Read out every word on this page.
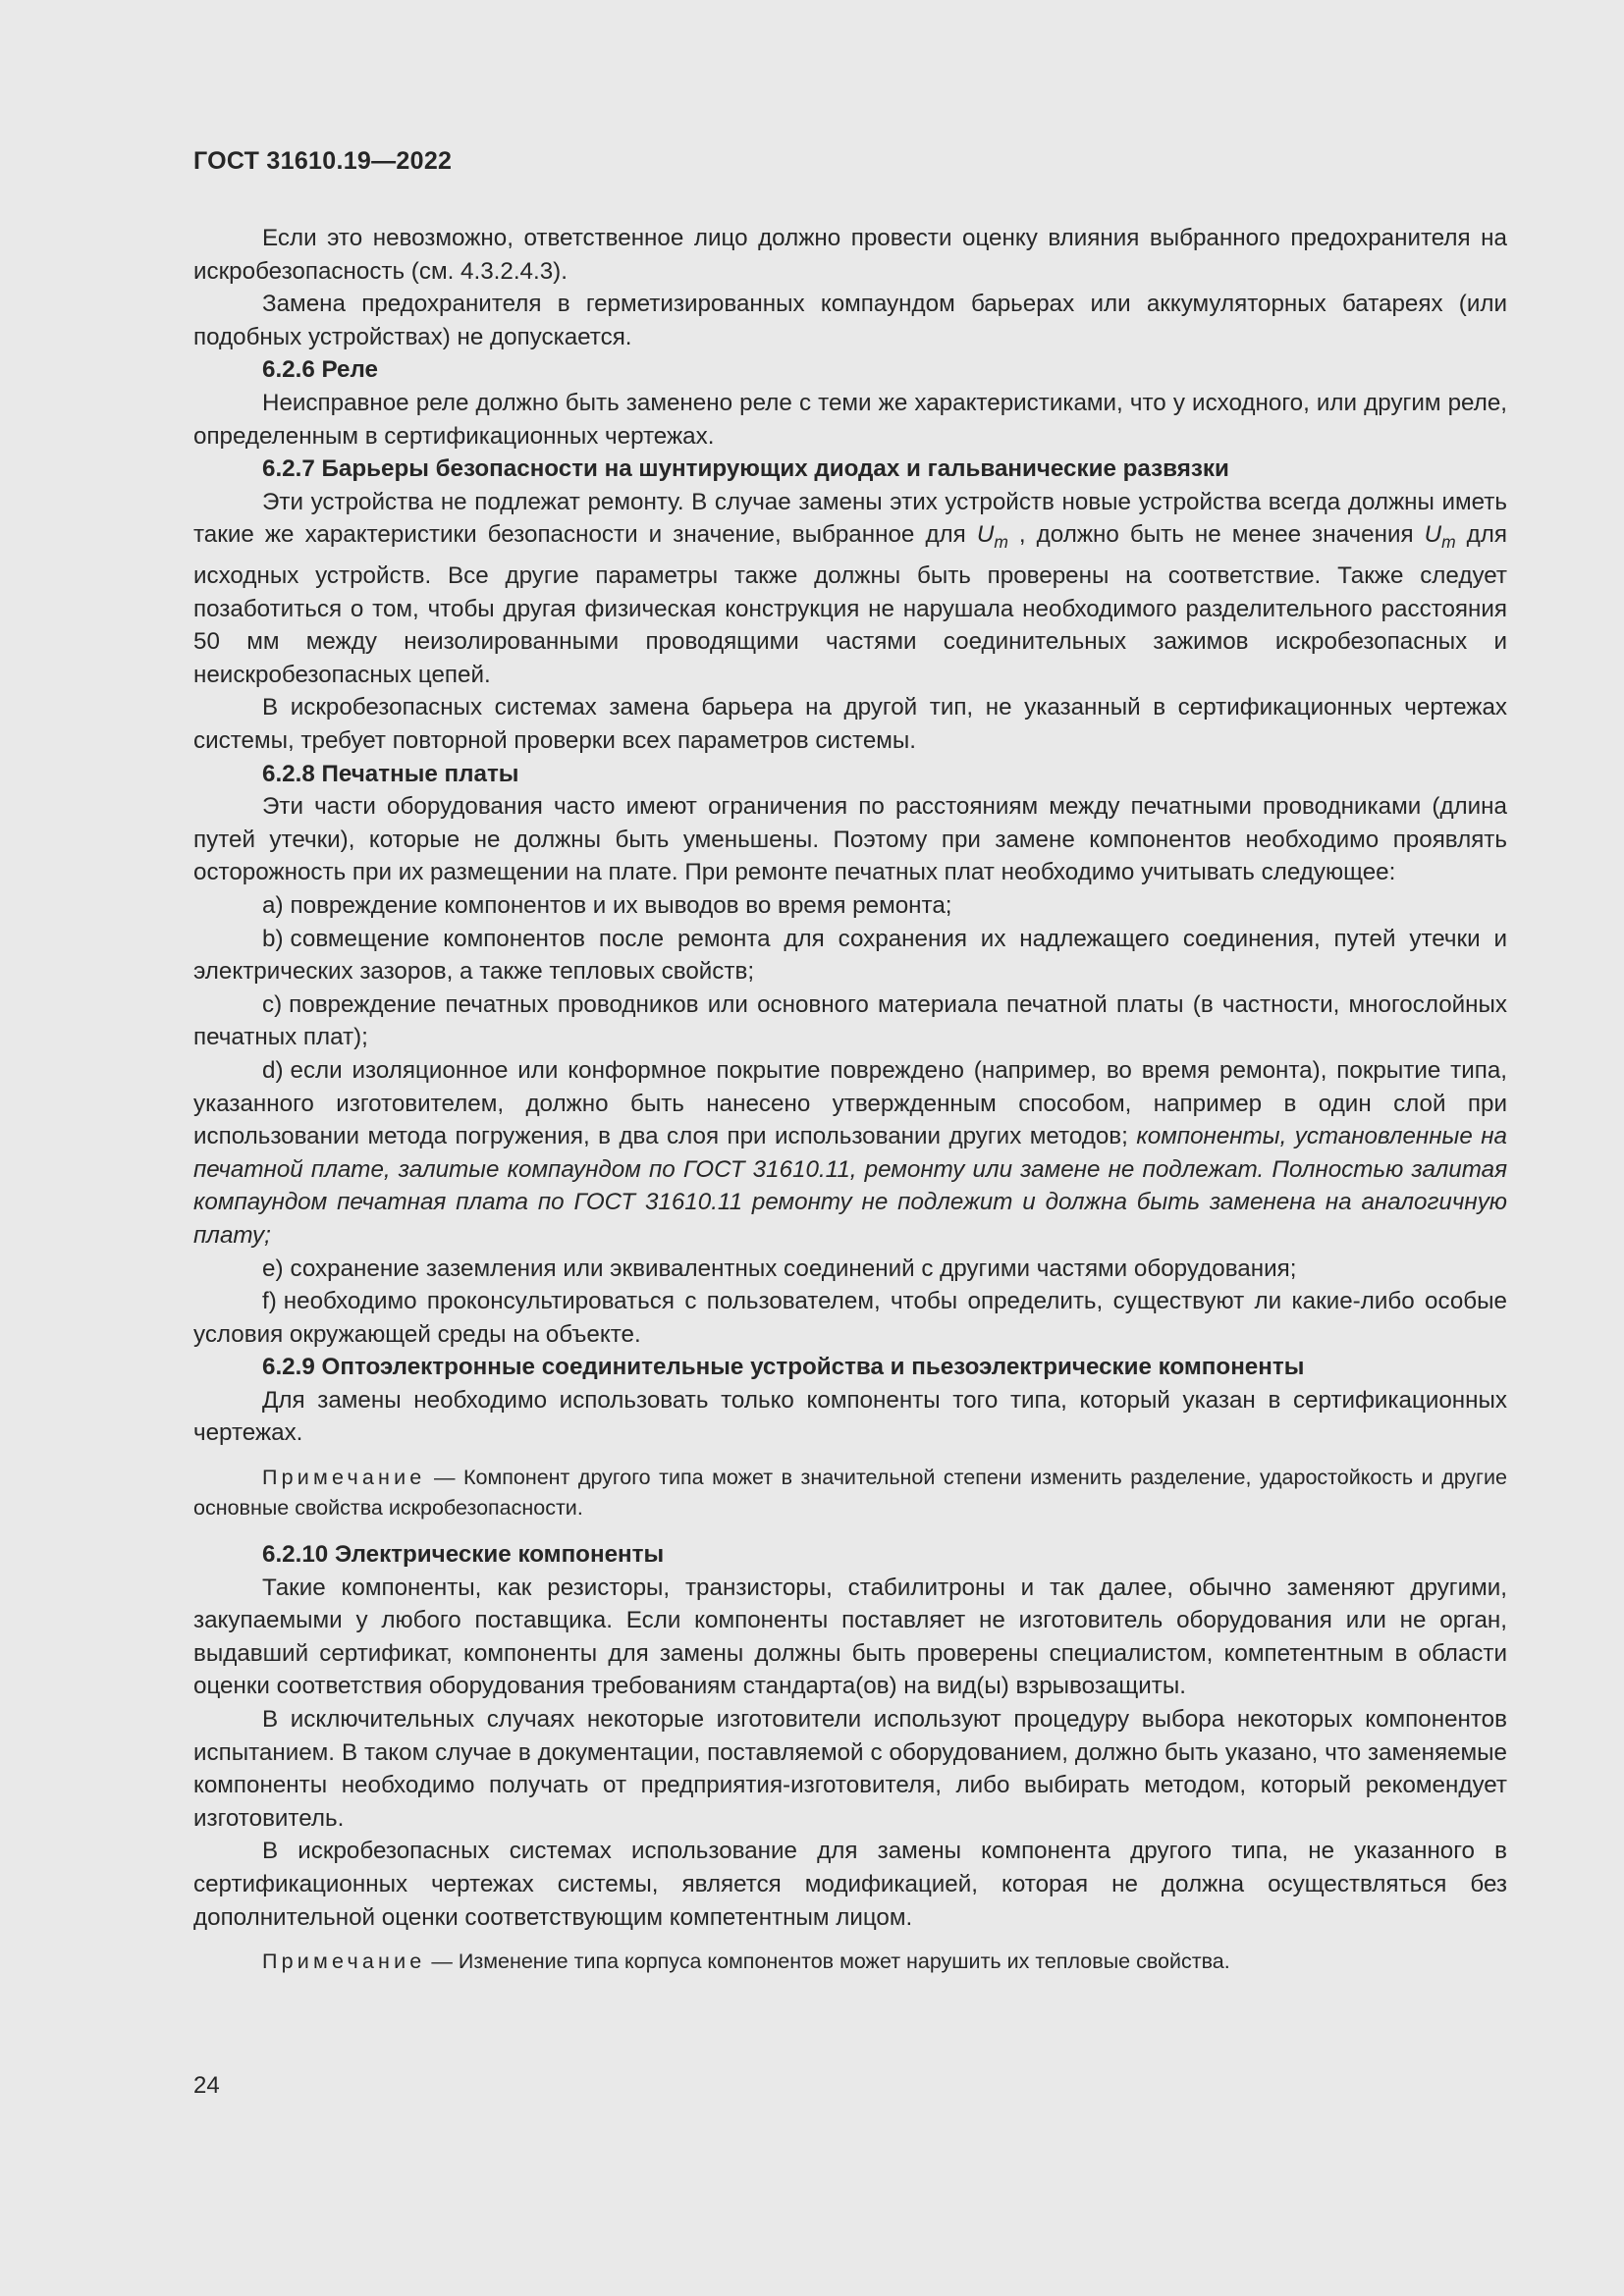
ГОСТ 31610.19—2022

Если это невозможно, ответственное лицо должно провести оценку влияния выбранного предохранителя на искробезопасность (см. 4.3.2.4.3).

Замена предохранителя в герметизированных компаундом барьерах или аккумуляторных батареях (или подобных устройствах) не допускается.

6.2.6 Реле

Неисправное реле должно быть заменено реле с теми же характеристиками, что у исходного, или другим реле, определенным в сертификационных чертежах.

6.2.7 Барьеры безопасности на шунтирующих диодах и гальванические развязки

Эти устройства не подлежат ремонту. В случае замены этих устройств новые устройства всегда должны иметь такие же характеристики безопасности и значение, выбранное для $U_m$ , должно быть не менее значения $U_m$ для исходных устройств. Все другие параметры также должны быть проверены на соответствие. Также следует позаботиться о том, чтобы другая физическая конструкция не нарушала необходимого разделительного расстояния 50 мм между неизолированными проводящими частями соединительных зажимов искробезопасных и неискробезопасных цепей.

В искробезопасных системах замена барьера на другой тип, не указанный в сертификационных чертежах системы, требует повторной проверки всех параметров системы.

6.2.8 Печатные платы

Эти части оборудования часто имеют ограничения по расстояниям между печатными проводниками (длина путей утечки), которые не должны быть уменьшены. Поэтому при замене компонентов необходимо проявлять осторожность при их размещении на плате. При ремонте печатных плат необходимо учитывать следующее:

a) повреждение компонентов и их выводов во время ремонта;

b) совмещение компонентов после ремонта для сохранения их надлежащего соединения, путей утечки и электрических зазоров, а также тепловых свойств;

c) повреждение печатных проводников или основного материала печатной платы (в частности, многослойных печатных плат);

d) если изоляционное или конформное покрытие повреждено (например, во время ремонта), покрытие типа, указанного изготовителем, должно быть нанесено утвержденным способом, например в один слой при использовании метода погружения, в два слоя при использовании других методов; компоненты, установленные на печатной плате, залитые компаундом по ГОСТ 31610.11, ремонту или замене не подлежат. Полностью залитая компаундом печатная плата по ГОСТ 31610.11 ремонту не подлежит и должна быть заменена на аналогичную плату;

e) сохранение заземления или эквивалентных соединений с другими частями оборудования;

f) необходимо проконсультироваться с пользователем, чтобы определить, существуют ли какие-либо особые условия окружающей среды на объекте.

6.2.9 Оптоэлектронные соединительные устройства и пьезоэлектрические компоненты

Для замены необходимо использовать только компоненты того типа, который указан в сертификационных чертежах.

Примечание — Компонент другого типа может в значительной степени изменить разделение, ударостойкость и другие основные свойства искробезопасности.

6.2.10 Электрические компоненты

Такие компоненты, как резисторы, транзисторы, стабилитроны и так далее, обычно заменяют другими, закупаемыми у любого поставщика. Если компоненты поставляет не изготовитель оборудования или не орган, выдавший сертификат, компоненты для замены должны быть проверены специалистом, компетентным в области оценки соответствия оборудования требованиям стандарта(ов) на вид(ы) взрывозащиты.

В исключительных случаях некоторые изготовители используют процедуру выбора некоторых компонентов испытанием. В таком случае в документации, поставляемой с оборудованием, должно быть указано, что заменяемые компоненты необходимо получать от предприятия-изготовителя, либо выбирать методом, который рекомендует изготовитель.

В искробезопасных системах использование для замены компонента другого типа, не указанного в сертификационных чертежах системы, является модификацией, которая не должна осуществляться без дополнительной оценки соответствующим компетентным лицом.

Примечание — Изменение типа корпуса компонентов может нарушить их тепловые свойства.

24
